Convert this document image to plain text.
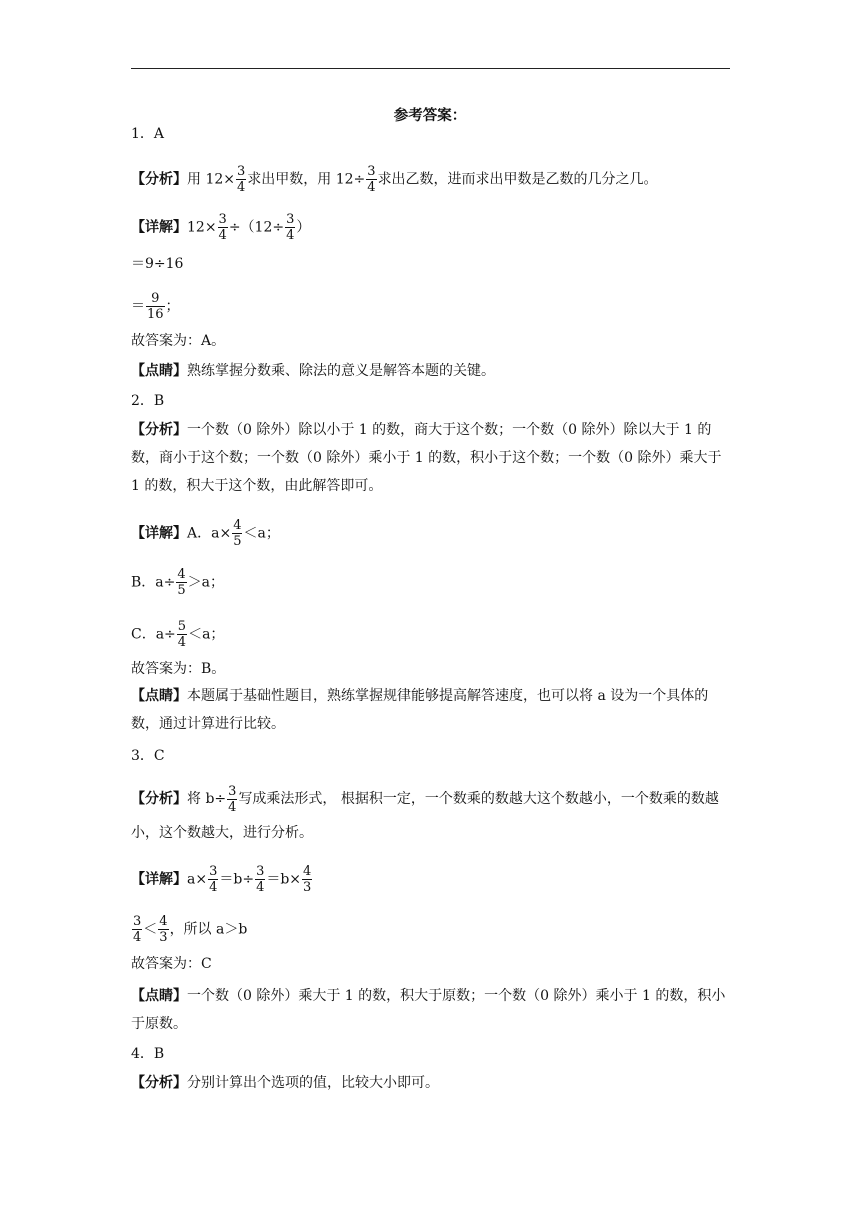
参考答案：
1．A
【分析】用 $12\times \frac{3}{4}$ 求出甲数，用 $12\div \frac{3}{4}$ 求出乙数，进而求出甲数是乙数的几分之几。
【详解】$12\times \frac{3}{4} \div(12\div \frac{3}{4}$ ）
＝9÷16
＝ $\frac{9}{16}$ ；
故答案为：A。
【点睛】熟练掌握分数乘、除法的意义是解答本题的关键。
2．B
【分析】一个数（0 除外）除以小于 1 的数，商大于这个数；一个数（0 除外）除以大于 1 的数，商小于这个数；一个数（0 除外）乘小于 1 的数，积小于这个数；一个数（0 除外）乘大于 1 的数，积大于这个数，由此解答即可。
【详解】A．$a\times \frac{4}{5} <a$；
B．$a\div \frac{4}{5} >a$；
C．$a\div \frac{5}{4} <a$；
故答案为：B。
【点睛】本题属于基础性题目，熟练掌握规律能够提高解答速度，也可以将 a 设为一个具体的数，通过计算进行比较。
3．C
【分析】将 $b\div \frac{3}{4}$ 写成乘法形式， 根据积一定，一个数乘的数越大这个数越小，一个数乘的数越小，这个数越大，进行分析。
【详解】$a\times \frac{3}{4} =b\div \frac{3}{4} =b\times \frac{4}{3}$
$\frac{3}{4} < \frac{4}{3}$ ，所以 a＞b
故答案为：C
【点睛】一个数（0 除外）乘大于 1 的数，积大于原数；一个数（0 除外）乘小于 1 的数，积小于原数。
4．B
【分析】分别计算出个选项的值，比较大小即可。
